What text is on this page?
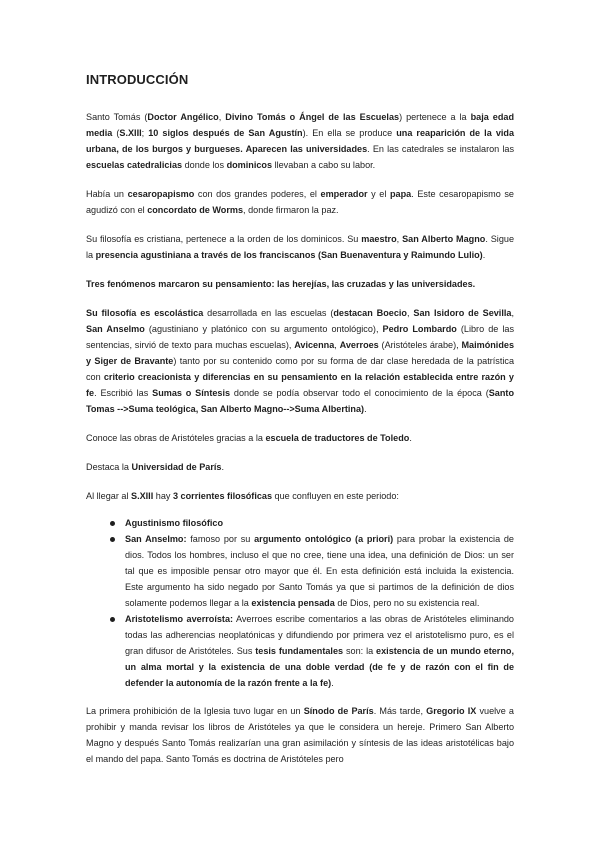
INTRODUCCIÓN

Santo Tomás (Doctor Angélico, Divino Tomás o Ángel de las Escuelas) pertenece a la baja edad media (S.XIII; 10 siglos después de San Agustín). En ella se produce una reaparición de la vida urbana, de los burgos y burgueses. Aparecen las universidades. En las catedrales se instalaron las escuelas catedralicias donde los dominicos llevaban a cabo su labor.

Había un cesaropapismo con dos grandes poderes, el emperador y el papa. Este cesaropapismo se agudizó con el concordato de Worms, donde firmaron la paz.

Su filosofía es cristiana, pertenece a la orden de los dominicos. Su maestro, San Alberto Magno. Sigue la presencia agustiniana a través de los franciscanos (San Buenaventura y Raimundo Lulio).

Tres fenómenos marcaron su pensamiento: las herejías, las cruzadas y las universidades.

Su filosofía es escolástica desarrollada en las escuelas (destacan Boecio, San Isidoro de Sevilla, San Anselmo (agustiniano y platónico con su argumento ontológico), Pedro Lombardo (Libro de las sentencias, sirvió de texto para muchas escuelas), Avicenna, Averroes (Aristóteles árabe), Maimónides y Siger de Bravante) tanto por su contenido como por su forma de dar clase heredada de la patrística con criterio creacionista y diferencias en su pensamiento en la relación establecida entre razón y fe. Escribió las Sumas o Síntesis donde se podía observar todo el conocimiento de la época (Santo Tomas -->Suma teológica, San Alberto Magno-->Suma Albertina).

Conoce las obras de Aristóteles gracias a la escuela de traductores de Toledo.

Destaca la Universidad de París.

Al llegar al S.XIII hay 3 corrientes filosóficas que confluyen en este periodo:

Agustinismo filosófico
San Anselmo: famoso por su argumento ontológico (a priori) para probar la existencia de dios. Todos los hombres, incluso el que no cree, tiene una idea, una definición de Dios: un ser tal que es imposible pensar otro mayor que él. En esta definición está incluida la existencia. Este argumento ha sido negado por Santo Tomás ya que si partimos de la definición de dios solamente podemos llegar a la existencia pensada de Dios, pero no su existencia real.
Aristotelismo averroísta: Averroes escribe comentarios a las obras de Aristóteles eliminando todas las adherencias neoplatónicas y difundiendo por primera vez el aristotelismo puro, es el gran difusor de Aristóteles. Sus tesis fundamentales son: la existencia de un mundo eterno, un alma mortal y la existencia de una doble verdad (de fe y de razón con el fin de defender la autonomía de la razón frente a la fe).

La primera prohibición de la Iglesia tuvo lugar en un Sínodo de París. Más tarde, Gregorio IX vuelve a prohibir y manda revisar los libros de Aristóteles ya que le considera un hereje. Primero San Alberto Magno y después Santo Tomás realizarían una gran asimilación y síntesis de las ideas aristotélicas bajo el mando del papa. Santo Tomás es doctrina de Aristóteles pero
